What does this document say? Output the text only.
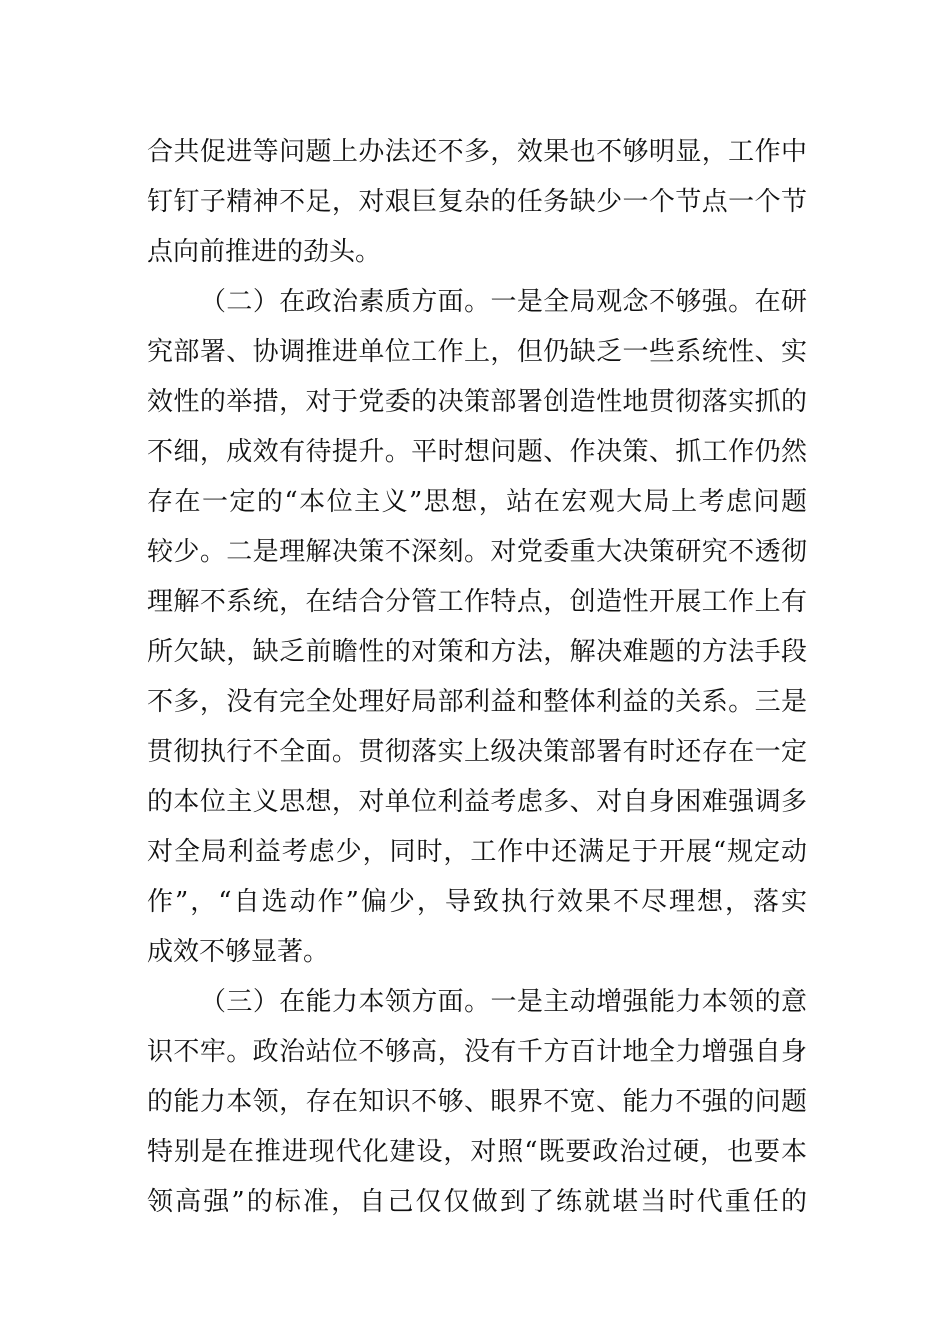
合共促进等问题上办法还不多，效果也不够明显，工作中
钉钉子精神不足，对艰巨复杂的任务缺少一个节点一个节
点向前推进的劲头。
（二）在政治素质方面。一是全局观念不够强。在研
究部署、协调推进单位工作上，但仍缺乏一些系统性、实
效性的举措，对于党委的决策部署创造性地贯彻落实抓的
不细，成效有待提升。平时想问题、作决策、抓工作仍然
存在一定的“本位主义”思想，站在宏观大局上考虑问题
较少。二是理解决策不深刻。对党委重大决策研究不透彻
理解不系统，在结合分管工作特点，创造性开展工作上有
所欠缺，缺乏前瞻性的对策和方法，解决难题的方法手段
不多，没有完全处理好局部利益和整体利益的关系。三是
贯彻执行不全面。贯彻落实上级决策部署有时还存在一定
的本位主义思想，对单位利益考虑多、对自身困难强调多
对全局利益考虑少，同时，工作中还满足于开展“规定动
作”，“自选动作”偏少，导致执行效果不尽理想，落实
成效不够显著。
（三）在能力本领方面。一是主动增强能力本领的意
识不牢。政治站位不够高，没有千方百计地全力增强自身
的能力本领，存在知识不够、眼界不宽、能力不强的问题
特别是在推进现代化建设，对照“既要政治过硬，也要本
领高强”的标准，自己仅仅做到了练就堪当时代重任的
